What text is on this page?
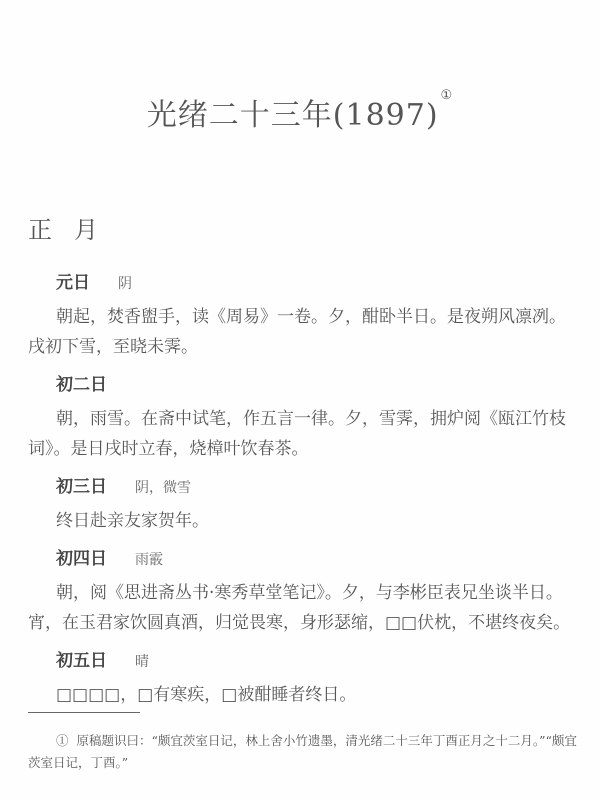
光绪二十三年(1897)①
正月
元日 阴
朝起，焚香盥手，读《周易》一卷。夕，酣卧半日。是夜朔风凛冽。戌初下雪，至晓未霁。
初二日
朝，雨雪。在斋中试笔，作五言一律。夕，雪霁，拥炉阅《瓯江竹枝词》。是日戌时立春，烧樟叶饮春茶。
初三日 阴，微雪
终日赴亲友家贺年。
初四日 雨霰
朝，阅《思进斋丛书·寒秀草堂笔记》。夕，与李彬臣表兄坐谈半日。宵，在玉君家饮圆真酒，归觉畏寒，身形瑟缩，□□伏枕，不堪终夜矣。
初五日 晴
□□□□，□有寒疾，□被酣睡者终日。
① 原稿题识曰：“颇宜茨室日记，林上舍小竹遗墨，清光绪二十三年丁酉正月之十二月。”“颇宜茨室日记，丁酉。”
